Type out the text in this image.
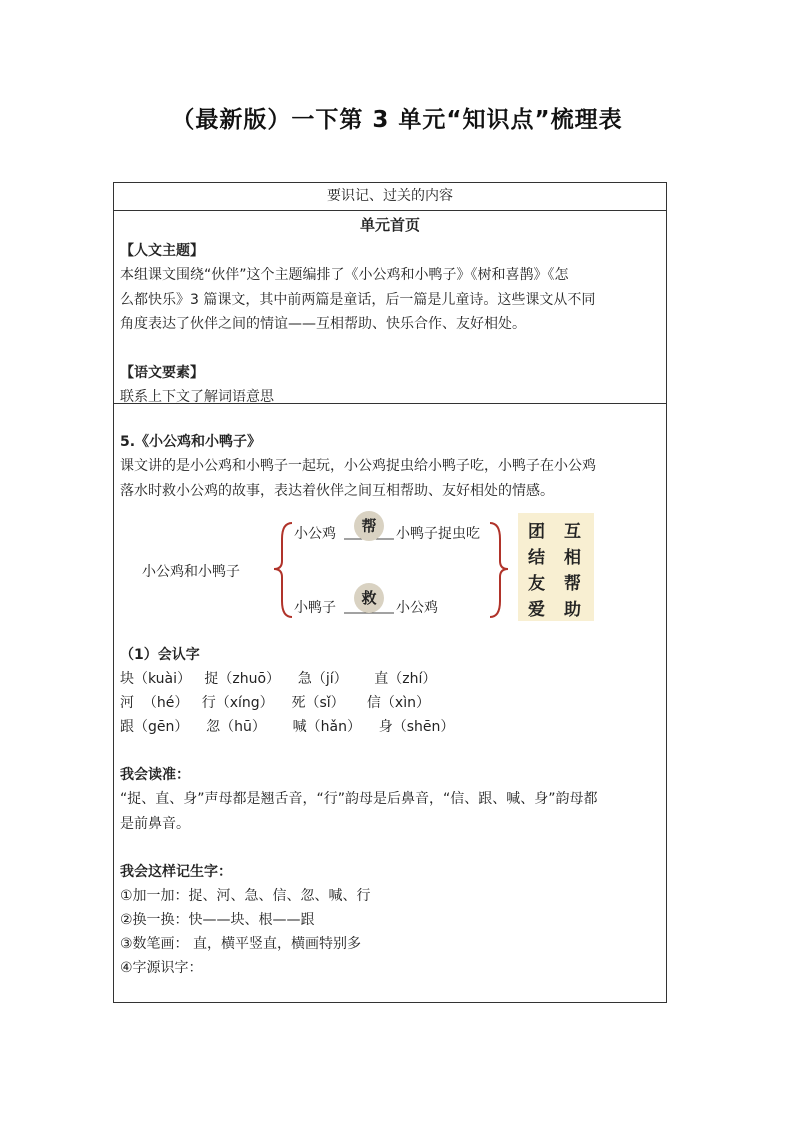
（最新版）一下第 3 单元“知识点”梳理表
要识记、过关的内容
单元首页
【人文主题】
本组课文围绕“伙伴”这个主题编排了《小公鸡和小鸭子》《树和喜鹊》《怎
么都快乐》3 篇课文，其中前两篇是童话，后一篇是儿童诗。这些课文从不同
角度表达了伙伴之间的情谊——互相帮助、快乐合作、友好相处。
【语文要素】
联系上下文了解词语意思
5.《小公鸡和小鸭子》
课文讲的是小公鸡和小鸭子一起玩，小公鸡捉虫给小鸭子吃，小鸭子在小公鸡
落水时救小公鸡的故事，表达着伙伴之间互相帮助、友好相处的情感。
小公鸡和小鸭子
小公鸡	帮	小鸭子捉虫吃
小鸭子
救
小公鸡
团
结
友
爱
互
相
帮
助
（1）会认字
块（kuài）   捉（zhuō）    急（jí）      直（zhí）
河  （hé）   行（xíng）    死（sǐ）     信（xìn）
跟（gēn）    忽（hū）      喊（hǎn）    身（shēn）
我会读准：
“捉、直、身”声母都是翘舌音，“行”韵母是后鼻音，“信、跟、喊、身”韵母都
是前鼻音。
我会这样记生字：
①加一加：捉、河、急、信、忽、喊、行
②换一换：快——块、根——跟
③数笔画： 直，横平竖直，横画特别多
④字源识字：
